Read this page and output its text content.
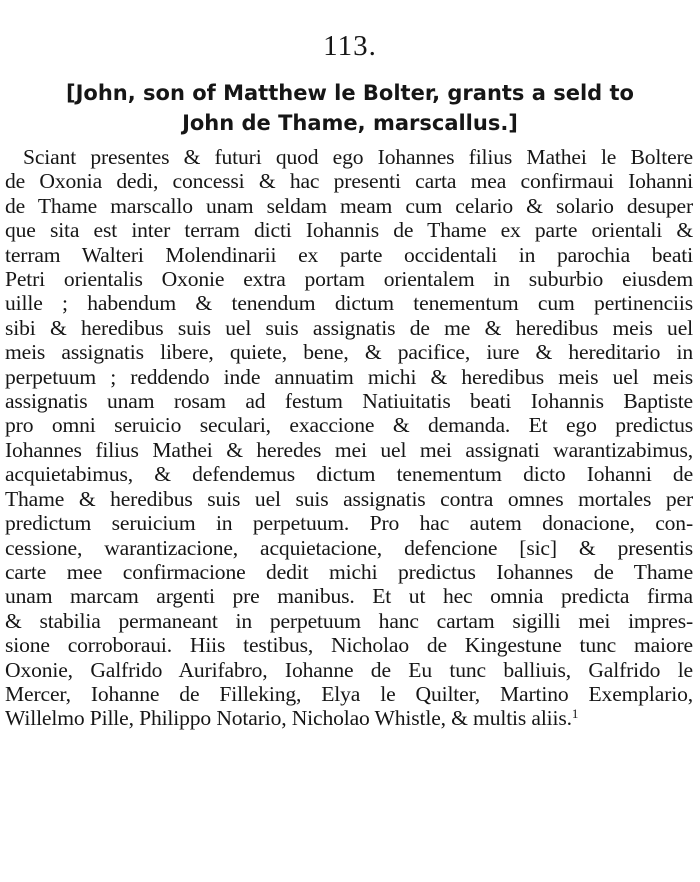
113.
[John, son of Matthew le Bolter, grants a seld to
John de Thame, marscallus.]
Sciant presentes & futuri quod ego Iohannes filius Mathei le Boltere
de Oxonia dedi, concessi & hac presenti carta mea confirmaui Iohanni
de Thame marscallo unam seldam meam cum celario & solario desuper
que sita est inter terram dicti Iohannis de Thame ex parte orientali &
terram Walteri Molendinarii ex parte occidentali in parochia beati
Petri orientalis Oxonie extra portam orientalem in suburbio eiusdem
uille ; habendum & tenendum dictum tenementum cum pertinenciis
sibi & heredibus suis uel suis assignatis de me & heredibus meis uel
meis assignatis libere, quiete, bene, & pacifice, iure & hereditario in
perpetuum ; reddendo inde annuatim michi & heredibus meis uel meis
assignatis unam rosam ad festum Natiuitatis beati Iohannis Baptiste
pro omni seruicio seculari, exaccione & demanda. Et ego predictus
Iohannes filius Mathei & heredes mei uel mei assignati warantizabimus,
acquietabimus, & defendemus dictum tenementum dicto Iohanni de
Thame & heredibus suis uel suis assignatis contra omnes mortales per
predictum seruicium in perpetuum. Pro hac autem donacione, con-
cessione, warantizacione, acquietacione, defencione [sic] & presentis
carte mee confirmacione dedit michi predictus Iohannes de Thame
unam marcam argenti pre manibus. Et ut hec omnia predicta firma
& stabilia permaneant in perpetuum hanc cartam sigilli mei impres-
sione corroboraui. Hiis testibus, Nicholao de Kingestune tunc maiore
Oxonie, Galfrido Aurifabro, Iohanne de Eu tunc balliuis, Galfrido le
Mercer, Iohanne de Filleking, Elya le Quilter, Martino Exemplario,
Willelmo Pille, Philippo Notario, Nicholao Whistle, & multis aliis.$^1$
